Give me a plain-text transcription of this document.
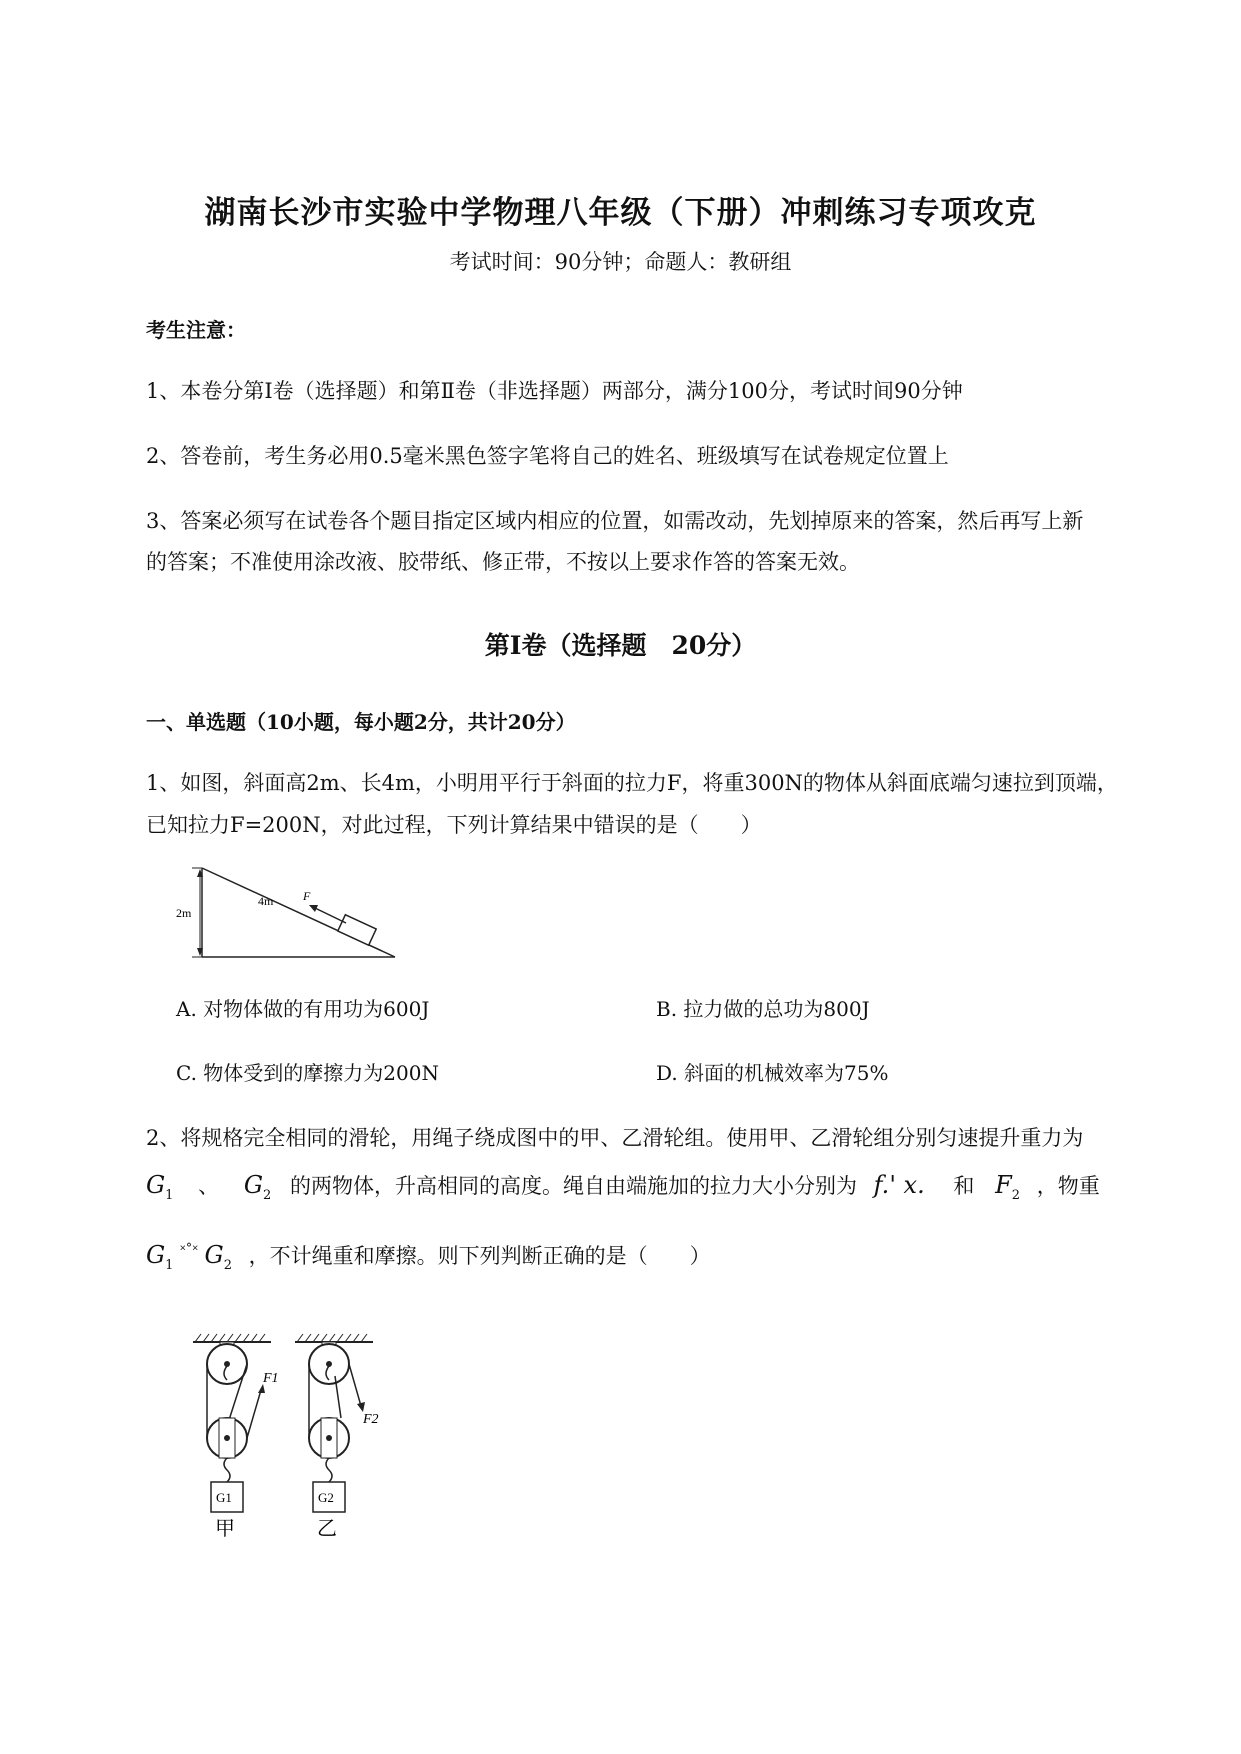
湖南长沙市实验中学物理八年级（下册）冲刺练习专项攻克
考试时间：90分钟；命题人：教研组
考生注意：
1、本卷分第Ⅰ卷（选择题）和第Ⅱ卷（非选择题）两部分，满分100分，考试时间90分钟
2、答卷前，考生务必用0.5毫米黑色签字笔将自己的姓名、班级填写在试卷规定位置上
3、答案必须写在试卷各个题目指定区域内相应的位置，如需改动，先划掉原来的答案，然后再写上新
的答案；不准使用涂改液、胶带纸、修正带，不按以上要求作答的答案无效。
第Ⅰ卷（选择题　20分）
一、单选题（10小题，每小题2分，共计20分）
1、如图，斜面高2m、长4m，小明用平行于斜面的拉力F，将重300N的物体从斜面底端匀速拉到顶端，
已知拉力F=200N，对此过程，下列计算结果中错误的是（　　）
2m
4m F
A. 对物体做的有用功为600J	B. 拉力做的总功为800J
C. 物体受到的摩擦力为200N	D. 斜面的机械效率为75%
2、将规格完全相同的滑轮，用绳子绕成图中的甲、乙滑轮组。使用甲、乙滑轮组分别匀速提升重力为
$G_1$ 、 $G_2$ 的两物体，升高相同的高度。绳自由端施加的拉力大小分别为 f.' x. 和 $F_2$ ，物重
$G_1$ ˟˚˟ $G_2$ ，不计绳重和摩擦。则下列判断正确的是（　　）
F1
G1
甲
F2
G2
乙
